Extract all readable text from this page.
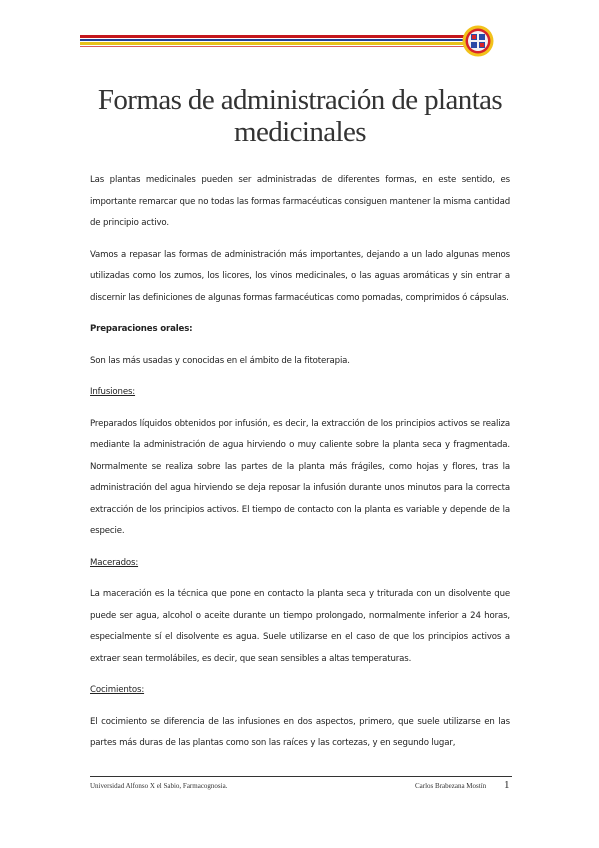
Formas de administración de plantas medicinales

Las plantas medicinales pueden ser administradas de diferentes formas, en este sentido, es importante remarcar que no todas las formas farmacéuticas consiguen mantener la misma cantidad de principio activo.

Vamos a repasar las formas de administración más importantes, dejando a un lado algunas menos utilizadas como los zumos, los licores, los vinos medicinales, o las aguas aromáticas y sin entrar a discernir las definiciones de algunas formas farmacéuticas como pomadas, comprimidos ó cápsulas.

Preparaciones orales:

Son las más usadas y conocidas en el ámbito de la fitoterapia.

Infusiones:

Preparados líquidos obtenidos por infusión, es decir, la extracción de los principios activos se realiza mediante la administración de agua hirviendo o muy caliente sobre la planta seca y fragmentada. Normalmente se realiza sobre las partes de la planta más frágiles, como hojas y flores, tras la administración del agua hirviendo se deja reposar la infusión durante unos minutos para la correcta extracción de los principios activos. El tiempo de contacto con la planta es variable y depende de la especie.

Macerados:

La maceración es la técnica que pone en contacto la planta seca y triturada con un disolvente que puede ser agua, alcohol o aceite durante un tiempo prolongado, normalmente inferior a 24 horas, especialmente sí el disolvente es agua. Suele utilizarse en el caso de que los principios activos a extraer sean termolábiles, es decir, que sean sensibles a altas temperaturas.

Cocimientos:

El cocimiento se diferencia de las infusiones en dos aspectos, primero, que suele utilizarse en las partes más duras de las plantas como son las raíces y las cortezas, y en segundo lugar,

Universidad Alfonso X el Sabio, Farmacognosia.	Carlos Brabezana Mostín 1
